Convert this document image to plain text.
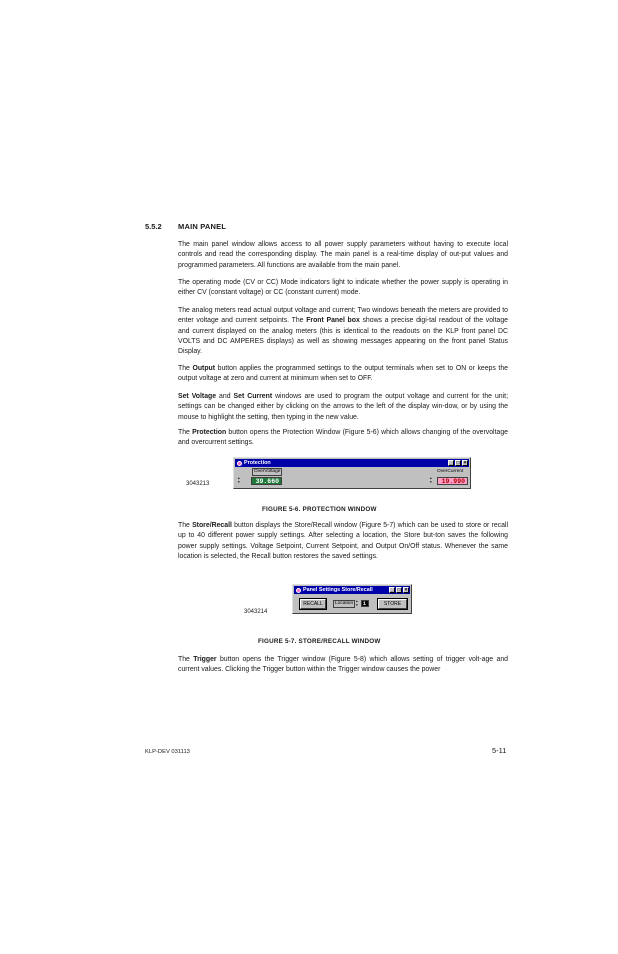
5.5.2 MAIN PANEL

The main panel window allows access to all power supply parameters without having to execute local controls and read the corresponding display. The main panel is a real-time display of out-put values and programmed parameters. All functions are available from the main panel.

The operating mode (CV or CC) Mode indicators light to indicate whether the power supply is operating in either CV (constant voltage) or CC (constant current) mode.

The analog meters read actual output voltage and current; Two windows beneath the meters are provided to enter voltage and current setpoints. The Front Panel box shows a precise digi-tal readout of the voltage and current displayed on the analog meters (this is identical to the readouts on the KLP front panel DC VOLTS and DC AMPERES displays) as well as showing messages appearing on the front panel Status Display.

The Output button applies the programmed settings to the output terminals when set to ON or keeps the output voltage at zero and current at minimum when set to OFF.

Set Voltage and Set Current windows are used to program the output voltage and current for the unit; settings can be changed either by clicking on the arrows to the left of the display win-dow, or by using the mouse to highlight the setting, then typing in the new value.

The Protection button opens the Protection Window (Figure 5-6) which allows changing of the overvoltage and overcurrent settings.

3043213
Protection	_ □ ×
OverVoltage
▴
▾	39.660
OverCurrent
▴
▾	19.990
FIGURE 5-6. PROTECTION WINDOW

The Store/Recall button displays the Store/Recall window (Figure 5-7) which can be used to store or recall up to 40 different power supply settings. After selecting a location, the Store but-ton saves the following power supply settings. Voltage Setpoint, Current Setpoint, and Output On/Off status. Whenever the same location is selected, the Recall button restores the saved settings.

3043214
Panel Settings Store/Recall	_ □ ×
RECALL	Location ▴
▾	1	STORE
FIGURE 5-7. STORE/RECALL WINDOW

The Trigger button opens the Trigger window (Figure 5-8) which allows setting of trigger volt-age and current values. Clicking the Trigger button within the Trigger window causes the power

KLP-DEV 031113	5-11
